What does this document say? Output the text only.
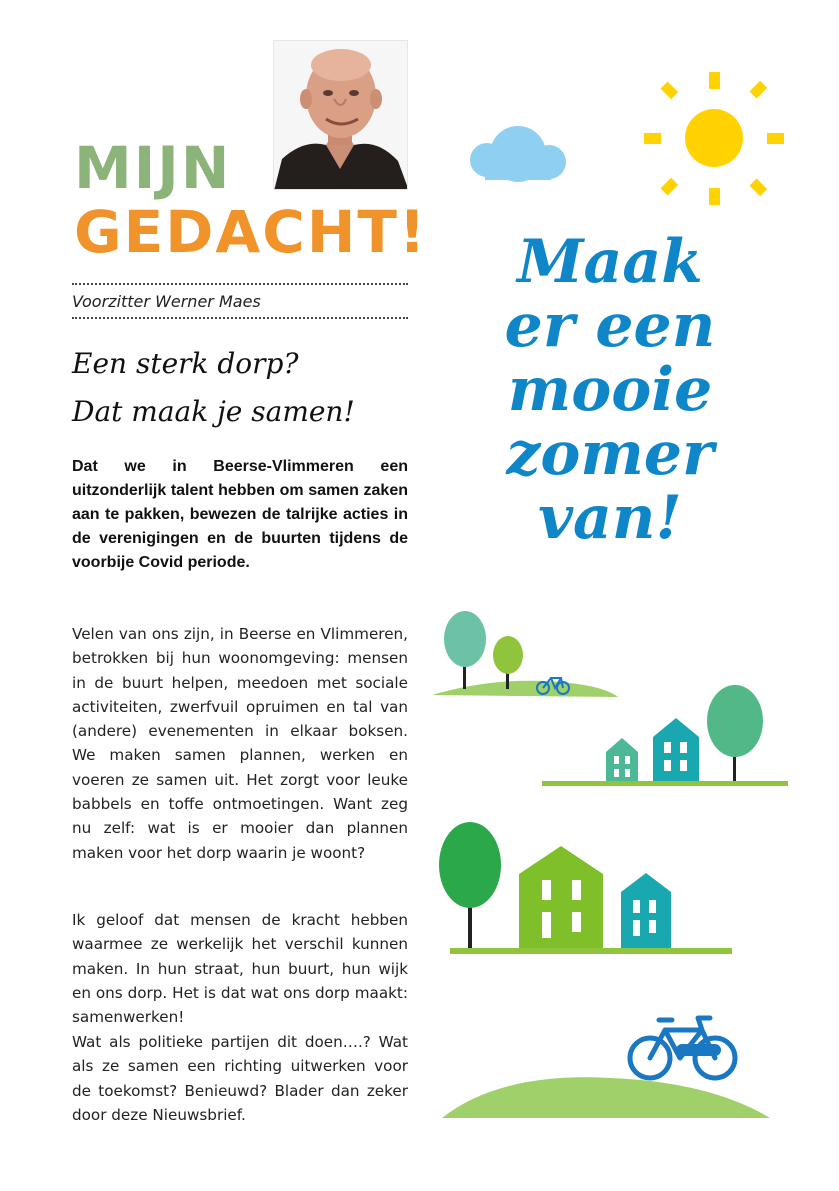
MIJN
GEDACHT!
Voorzitter Werner Maes
Een sterk dorp?
Dat maak je samen!

Dat we in Beerse-Vlimmeren een uitzonderlijk talent hebben om samen zaken aan te pakken, bewezen de talrijke acties in de verenigingen en de buurten tijdens de voorbije Covid periode.

Velen van ons zijn, in Beerse en Vlimmeren, betrokken bij hun woonomgeving: mensen in de buurt helpen, meedoen met sociale activiteiten, zwerfvuil opruimen en tal van (andere) evenementen in elkaar boksen. We maken samen plannen, werken en voeren ze samen uit. Het zorgt voor leuke babbels en toffe ontmoetingen. Want zeg nu zelf: wat is er mooier dan plannen maken voor het dorp waarin je woont?

Ik geloof dat mensen de kracht hebben waarmee ze werkelijk het verschil kunnen maken. In hun straat, hun buurt, hun wijk en ons dorp. Het is dat wat ons dorp maakt: samenwerken!

Wat als politieke partijen dit doen….? Wat als ze samen een richting uitwerken voor de toekomst? Benieuwd? Blader dan zeker door deze Nieuwsbrief.

Maak
er een
mooie
zomer
van!
